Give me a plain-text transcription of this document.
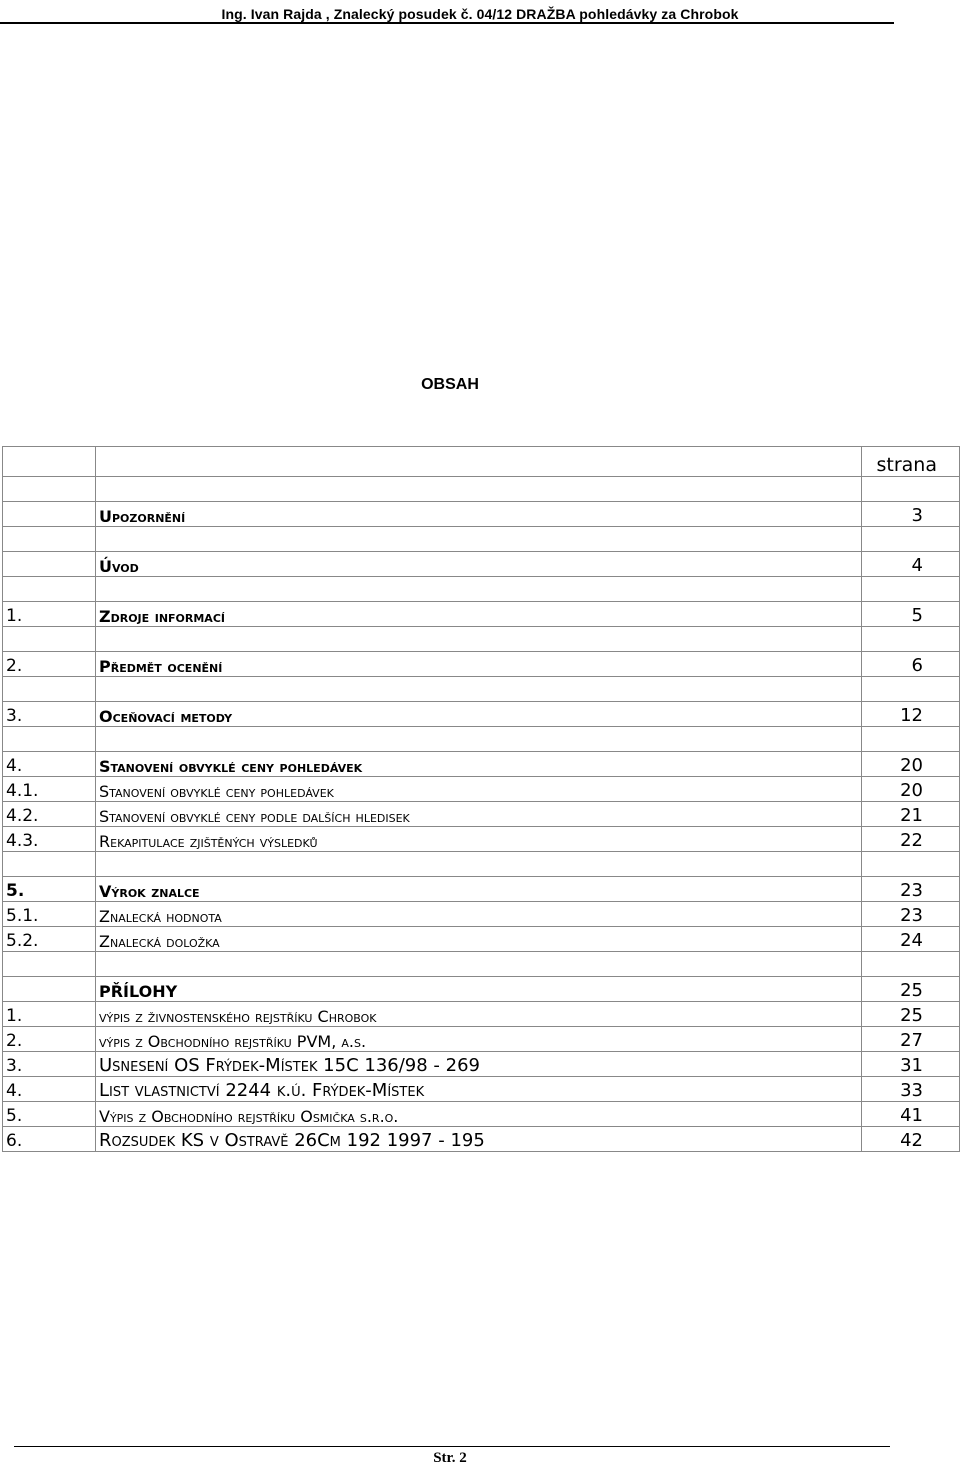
Ing. Ivan Rajda , Znalecký posudek č. 04/12 DRAŽBA pohledávky za Chrobok
OBSAH
		strana

	Upozornění	3

	Úvod	4

1.	Zdroje informací	5

2.	Předmět ocenění	6

3.	Oceňovací metody	12

4.	Stanovení obvyklé ceny pohledávek	20
4.1.	Stanovení obvyklé ceny pohledávek	20
4.2.	Stanovení obvyklé ceny podle dalších hledisek	21
4.3.	Rekapitulace zjištěných výsledků	22

5.	Výrok znalce	23
5.1.	Znalecká hodnota	23
5.2.	Znalecká doložka	24

	PŘÍLOHY	25
1.	výpis z živnostenského rejstříku Chrobok	25
2.	výpis z Obchodního rejstříku PVM, a.s.	27
3.	Usnesení OS Frýdek-Místek 15C 136/98 - 269	31
4.	List vlastnictví 2244 k.ú. Frýdek-Místek	33
5.	Výpis z Obchodního rejstříku Osmička s.r.o.	41
6.	Rozsudek KS v Ostravě 26Cm 192 1997 - 195	42
Str. 2
